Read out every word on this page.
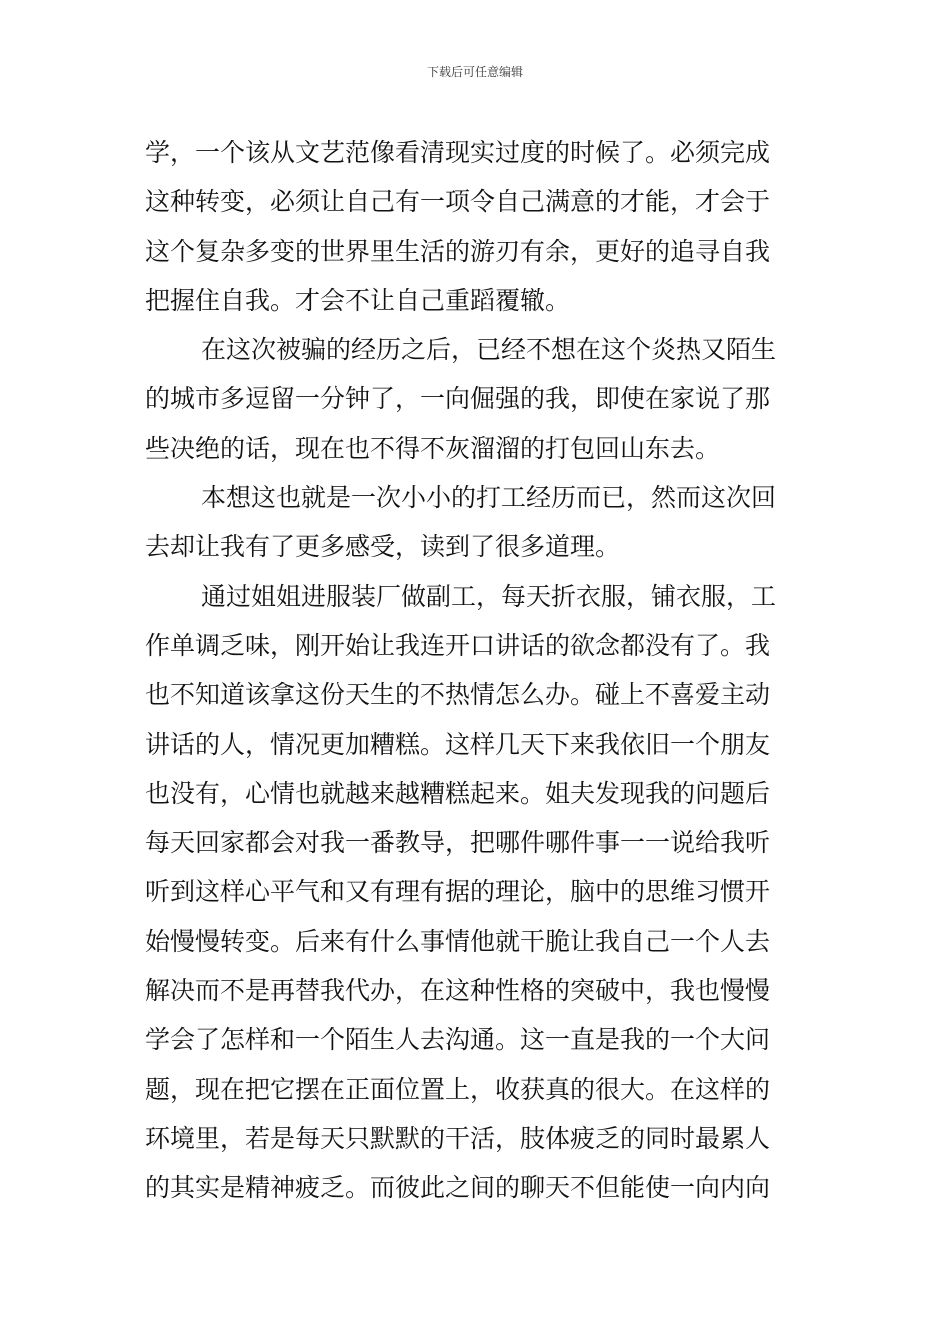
下载后可任意编辑
学，一个该从文艺范像看清现实过度的时候了。必须完成
这种转变，必须让自己有一项令自己满意的才能，才会于
这个复杂多变的世界里生活的游刃有余，更好的追寻自我
把握住自我。才会不让自己重蹈覆辙。
在这次被骗的经历之后，已经不想在这个炎热又陌生
的城市多逗留一分钟了，一向倔强的我，即使在家说了那
些决绝的话，现在也不得不灰溜溜的打包回山东去。
本想这也就是一次小小的打工经历而已，然而这次回
去却让我有了更多感受，读到了很多道理。
通过姐姐进服装厂做副工，每天折衣服，铺衣服，工
作单调乏味，刚开始让我连开口讲话的欲念都没有了。我
也不知道该拿这份天生的不热情怎么办。碰上不喜爱主动
讲话的人，情况更加糟糕。这样几天下来我依旧一个朋友
也没有，心情也就越来越糟糕起来。姐夫发现我的问题后
每天回家都会对我一番教导，把哪件哪件事一一说给我听
听到这样心平气和又有理有据的理论，脑中的思维习惯开
始慢慢转变。后来有什么事情他就干脆让我自己一个人去
解决而不是再替我代办，在这种性格的突破中，我也慢慢
学会了怎样和一个陌生人去沟通。这一直是我的一个大问
题，现在把它摆在正面位置上，收获真的很大。在这样的
环境里，若是每天只默默的干活，肢体疲乏的同时最累人
的其实是精神疲乏。而彼此之间的聊天不但能使一向内向
